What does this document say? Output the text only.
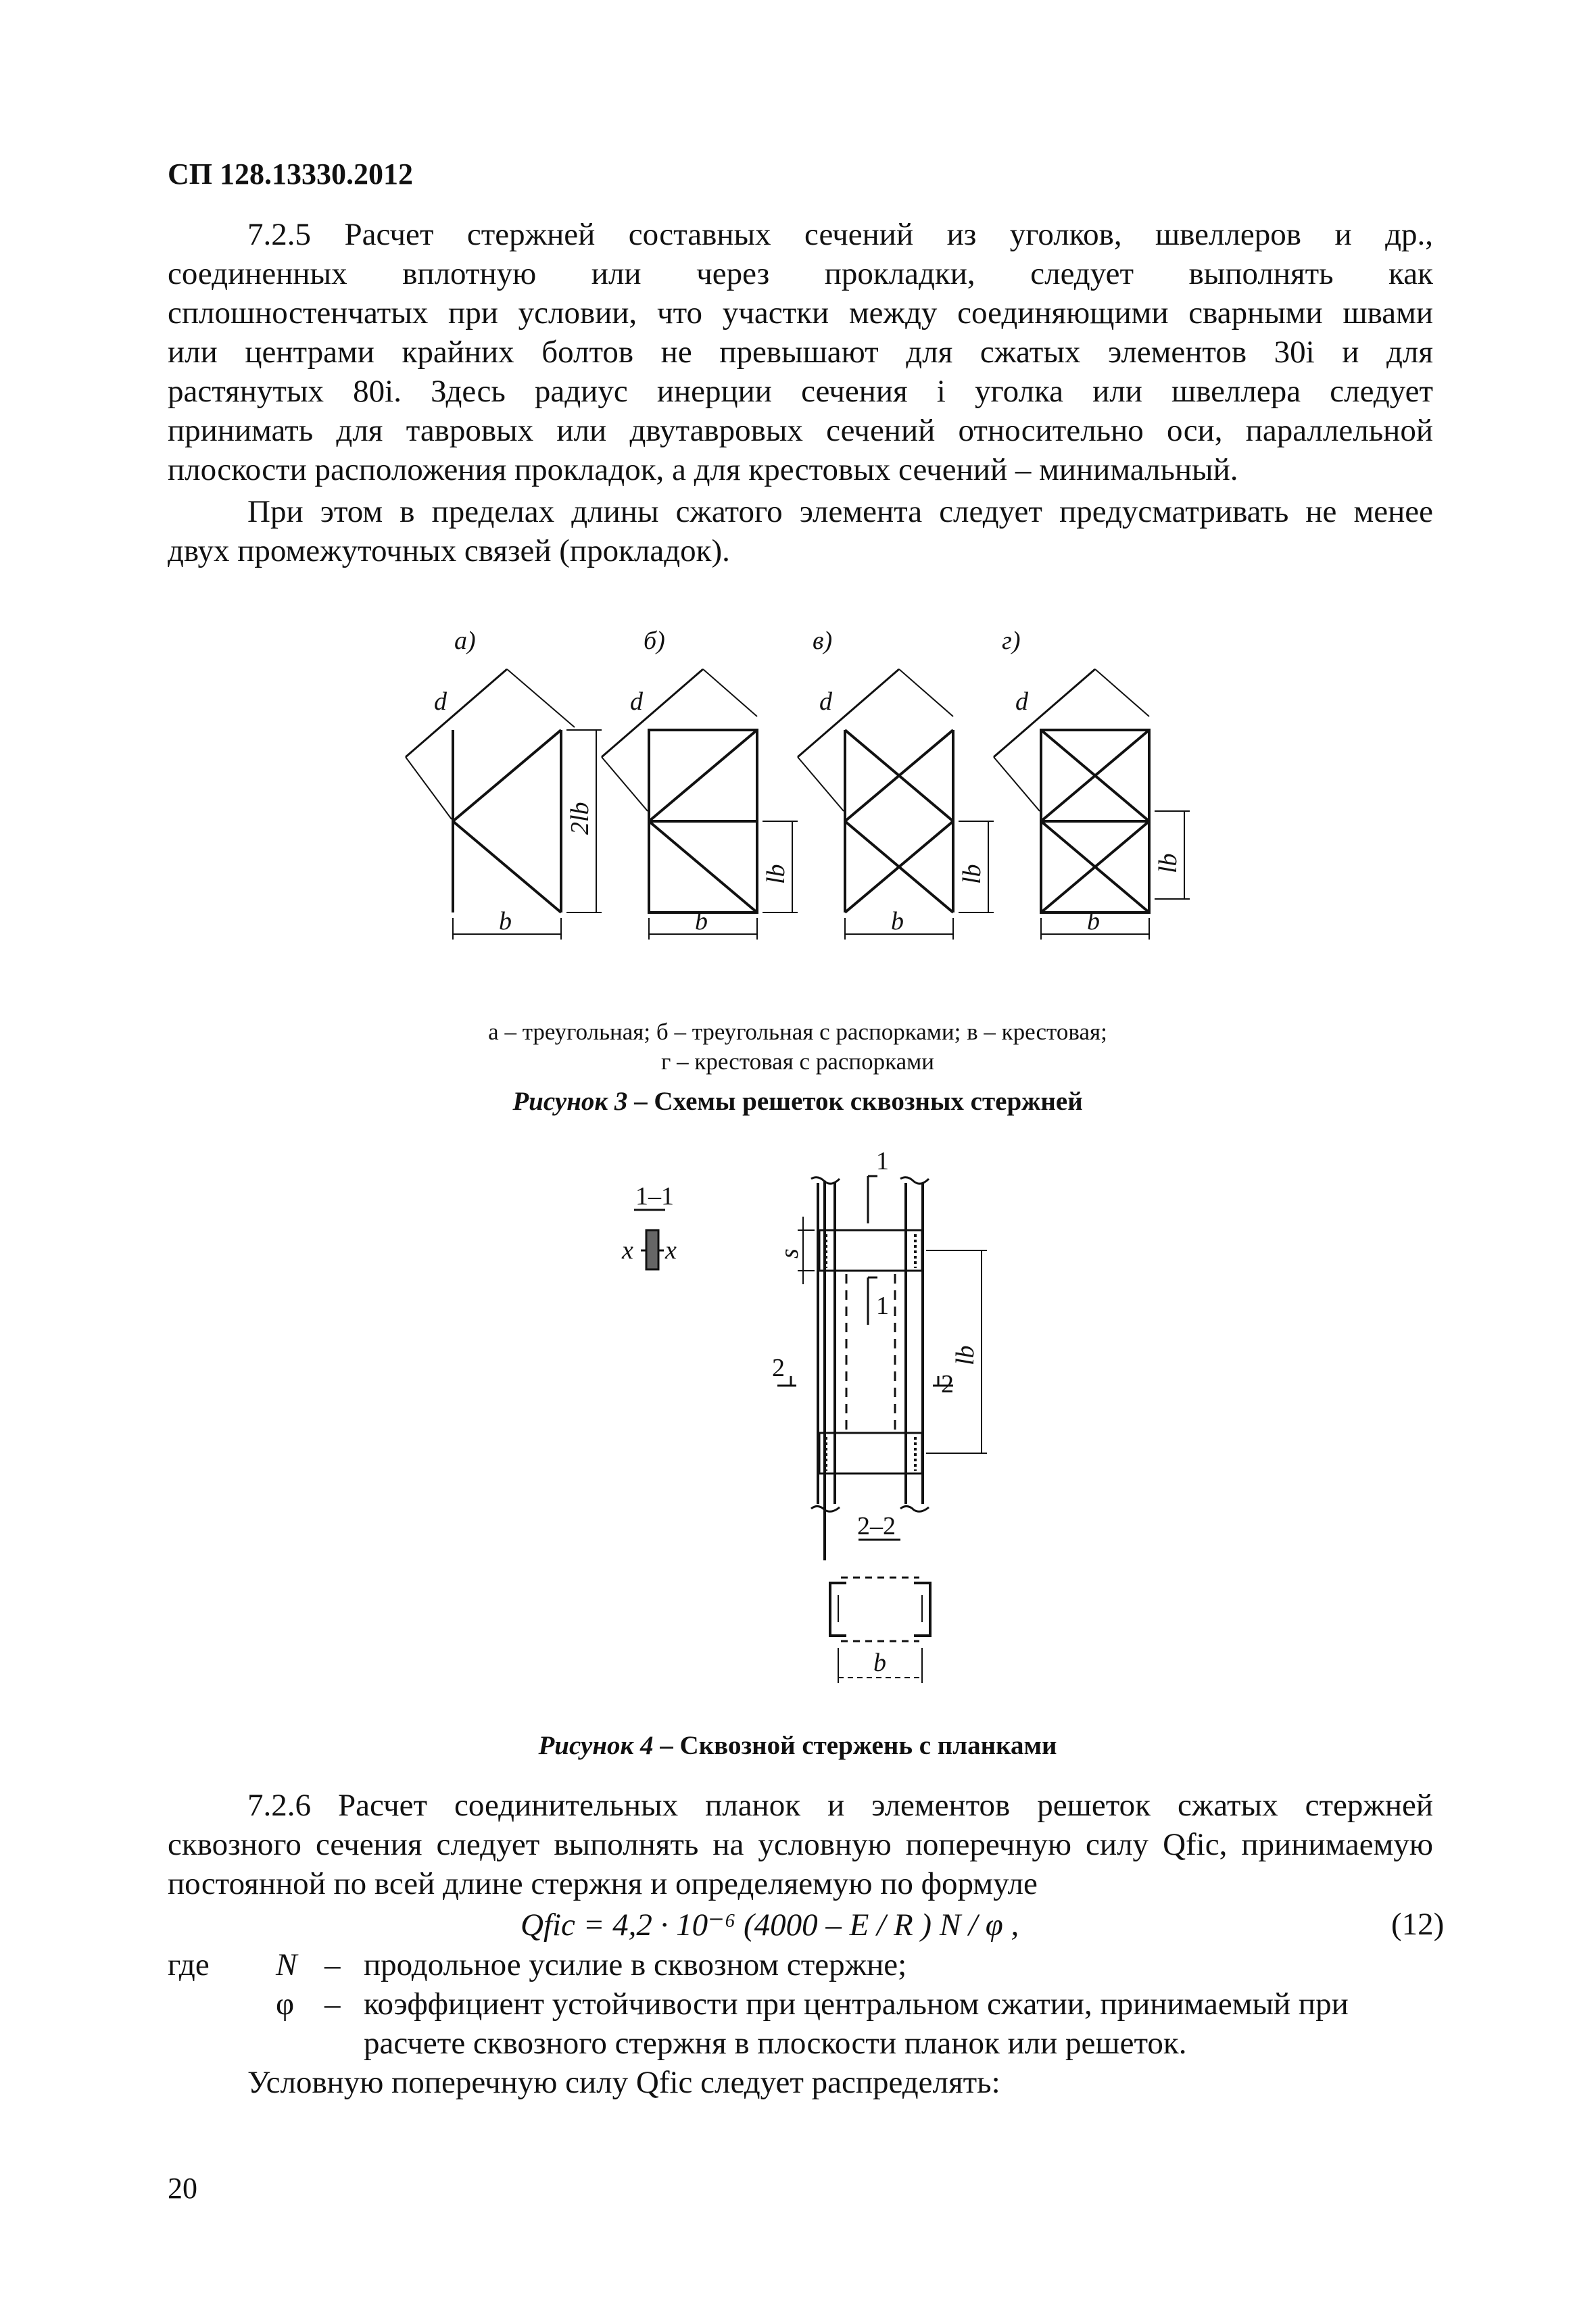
СП 128.13330.2012
7.2.5 Расчет стержней составных сечений из уголков, швеллеров и др.,
соединенных вплотную или через прокладки, следует выполнять как
сплошностенчатых при условии, что участки между соединяющими сварными швами
или центрами крайних болтов не превышают для сжатых элементов 30i и для
растянутых 80i. Здесь радиус инерции сечения i уголка или швеллера следует
принимать для тавровых или двутавровых сечений относительно оси, параллельной
плоскости расположения прокладок, а для крестовых сечений – минимальный.
При этом в пределах длины сжатого элемента следует предусматривать не менее
двух промежуточных связей (прокладок).
а)	б)	в)	г)
d	d	d	d
b	b	b	b
2lb
lb	lb
lb
а – треугольная; б – треугольная с распорками; в – крестовая;
г – крестовая с распорками
Рисунок 3 – Схемы решеток сквозных стержней
1–1
x x
1
1
2
2
s
lb
2–2
b
Рисунок 4 – Сквозной стержень с планками
7.2.6 Расчет соединительных планок и элементов решеток сжатых стержней
сквозного сечения следует выполнять на условную поперечную силу Qfic, принимаемую
постоянной по всей длине стержня и определяемую по формуле
Qfic = 4,2 · 10⁻⁶ (4000 – E / R ) N / φ ,	(12)
где N – продольное усилие в сквозном стержне;
φ – коэффициент устойчивости при центральном сжатии, принимаемый при
расчете сквозного стержня в плоскости планок или решеток.
Условную поперечную силу Qfic следует распределять:
20
